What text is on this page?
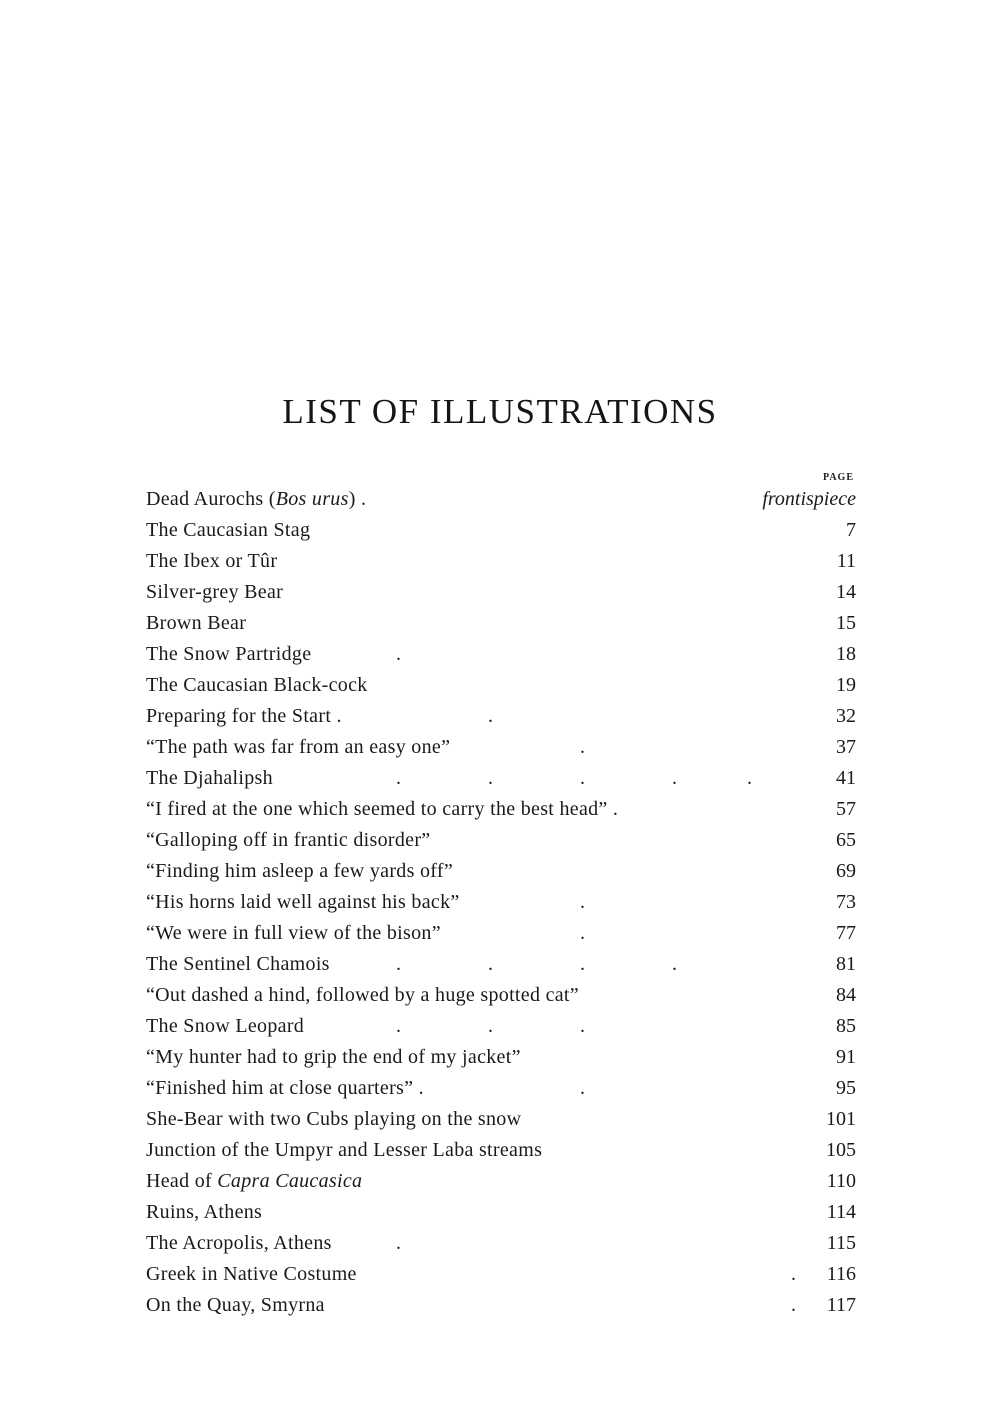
LIST OF ILLUSTRATIONS
PAGE
Dead Aurochs (Bos urus) .	frontispiece
The Caucasian Stag	7
The Ibex or Tûr	11
Silver-grey Bear	14
Brown Bear	15
The Snow Partridge	.	18
The Caucasian Black-cock	19
Preparing for the Start .	.	32
“The path was far from an easy one”	.	37
The Djahalipsh	.	.	.	.	.	41
“I fired at the one which seemed to carry the best head” .	57
“Galloping off in frantic disorder”	65
“Finding him asleep a few yards off”	69
“His horns laid well against his back”	.	73
“We were in full view of the bison”	.	77
The Sentinel Chamois	.	.	.	.	81
“Out dashed a hind, followed by a huge spotted cat”	84
The Snow Leopard	.	.	.	85
“My hunter had to grip the end of my jacket”	91
“Finished him at close quarters” .	.	95
She-Bear with two Cubs playing on the snow	101
Junction of the Umpyr and Lesser Laba streams	105
Head of Capra Caucasica	110
Ruins, Athens	114
The Acropolis, Athens	.	115
Greek in Native Costume	. 116
On the Quay, Smyrna	. 117
